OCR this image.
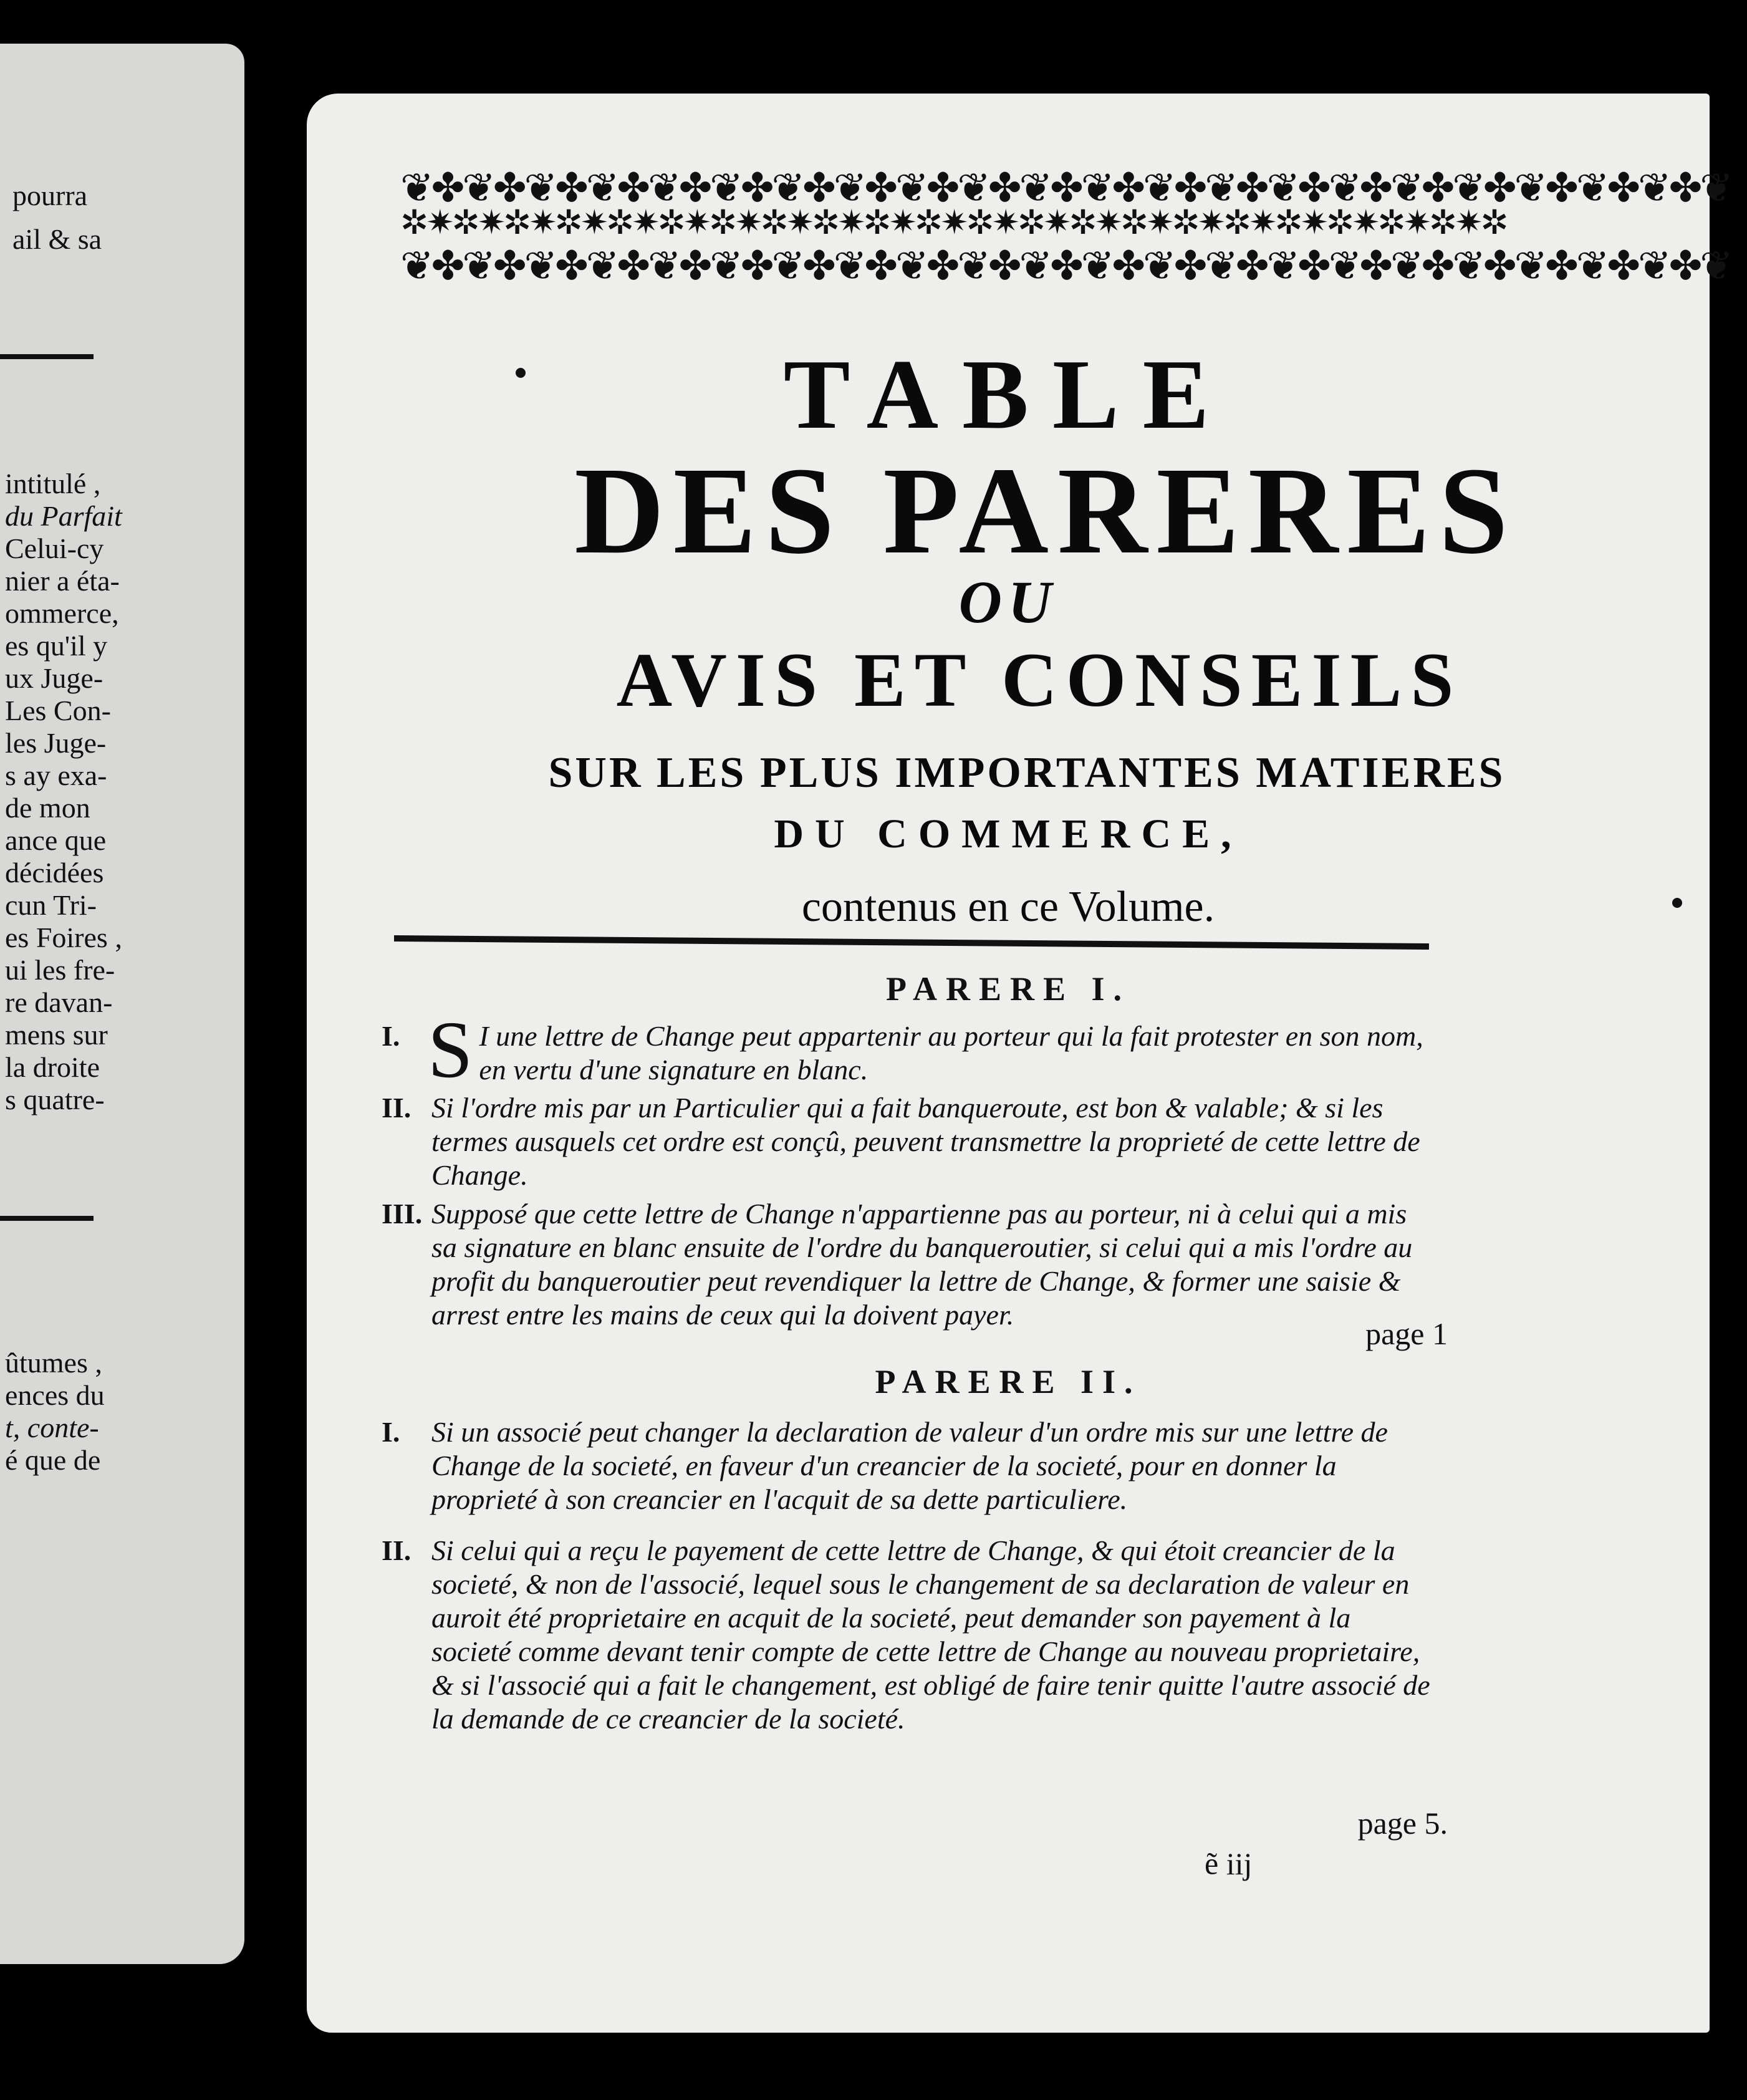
pourra
ail & sa
intitulé ,
du Parfait
Celui-cy
nier a éta-
ommerce,
es qu'il y
ux Juge-
Les Con-
les Juge-
s ay exa-
de mon
ance que
décidées
cun Tri-
es Foires ,
ui les fre-
re davan-
mens sur
la droite
s quatre-
ûtumes ,
ences du
t, conte-
é que de
❦✤❦✤❦✤❦✤❦✤❦✤❦✤❦✤❦✤❦✤❦✤❦✤❦✤❦✤❦✤❦✤❦✤❦✤❦✤❦✤❦✤❦
✲✷✲✷✲✷✲✷✲✷✲✷✲✷✲✷✲✷✲✷✲✷✲✷✲✷✲✷✲✷✲✷✲✷✲✷✲✷✲✷✲✷✲
❦✤❦✤❦✤❦✤❦✤❦✤❦✤❦✤❦✤❦✤❦✤❦✤❦✤❦✤❦✤❦✤❦✤❦✤❦✤❦✤❦✤❦
TABLE
DES PARERES
OU
AVIS ET CONSEILS
SUR LES PLUS IMPORTANTES MATIERES
DU COMMERCE,
contenus en ce Volume.
PARERE I.
I. S I une lettre de Change peut appartenir au porteur qui la fait protester en son nom, en vertu d'une signature en blanc.
II. Si l'ordre mis par un Particulier qui a fait banqueroute, est bon & valable; & si les termes ausquels cet ordre est conçû, peuvent transmettre la proprieté de cette lettre de Change.
III. Supposé que cette lettre de Change n'appartienne pas au porteur, ni à celui qui a mis sa signature en blanc ensuite de l'ordre du banqueroutier, si celui qui a mis l'ordre au profit du banqueroutier peut revendiquer la lettre de Change, & former une saisie & arrest entre les mains de ceux qui la doivent payer.
page 1
PARERE II.
I. Si un associé peut changer la declaration de valeur d'un ordre mis sur une lettre de Change de la societé, en faveur d'un creancier de la societé, pour en donner la proprieté à son creancier en l'acquit de sa dette particuliere.
II. Si celui qui a reçu le payement de cette lettre de Change, & qui étoit creancier de la societé, & non de l'associé, lequel sous le changement de sa declaration de valeur en auroit été proprietaire en acquit de la societé, peut demander son payement à la societé comme devant tenir compte de cette lettre de Change au nouveau proprietaire, & si l'associé qui a fait le changement, est obligé de faire tenir quitte l'autre associé de la demande de ce creancier de la societé.
page 5.
ẽ iij
